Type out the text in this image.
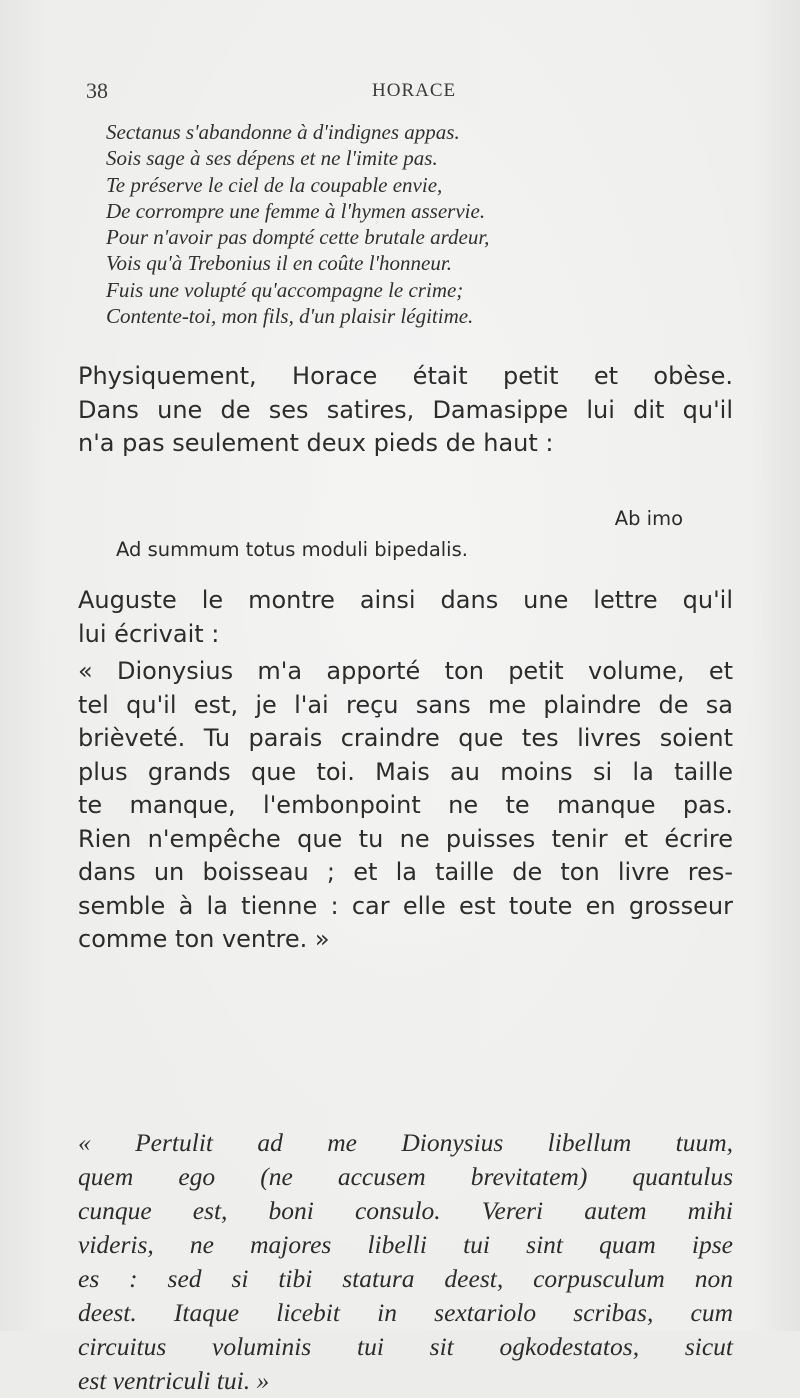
38	HORACE
Sectanus s'abandonne à d'indignes appas.
Sois sage à ses dépens et ne l'imite pas.
Te préserve le ciel de la coupable envie,
De corrompre une femme à l'hymen asservie.
Pour n'avoir pas dompté cette brutale ardeur,
Vois qu'à Trebonius il en coûte l'honneur.
Fuis une volupté qu'accompagne le crime;
Contente-toi, mon fils, d'un plaisir légitime.
Physiquement, Horace était petit et obèse.
Dans une de ses satires, Damasippe lui dit qu'il
n'a pas seulement deux pieds de haut :
Ab imo
Ad summum totus moduli bipedalis.
Auguste le montre ainsi dans une lettre qu'il
lui écrivait :
« Dionysius m'a apporté ton petit volume, et
tel qu'il est, je l'ai reçu sans me plaindre de sa
brièveté. Tu parais craindre que tes livres soient
plus grands que toi. Mais au moins si la taille
te manque, l'embonpoint ne te manque pas.
Rien n'empêche que tu ne puisses tenir et écrire
dans un boisseau ; et la taille de ton livre res-
semble à la tienne : car elle est toute en grosseur
comme ton ventre. »
« Pertulit ad me Dionysius libellum tuum,
quem ego (ne accusem brevitatem) quantulus
cunque est, boni consulo. Vereri autem mihi
videris, ne majores libelli tui sint quam ipse
es : sed si tibi statura deest, corpusculum non
deest. Itaque licebit in sextariolo scribas, cum
circuitus voluminis tui sit ogkodestatos, sicut
est ventriculi tui. »
